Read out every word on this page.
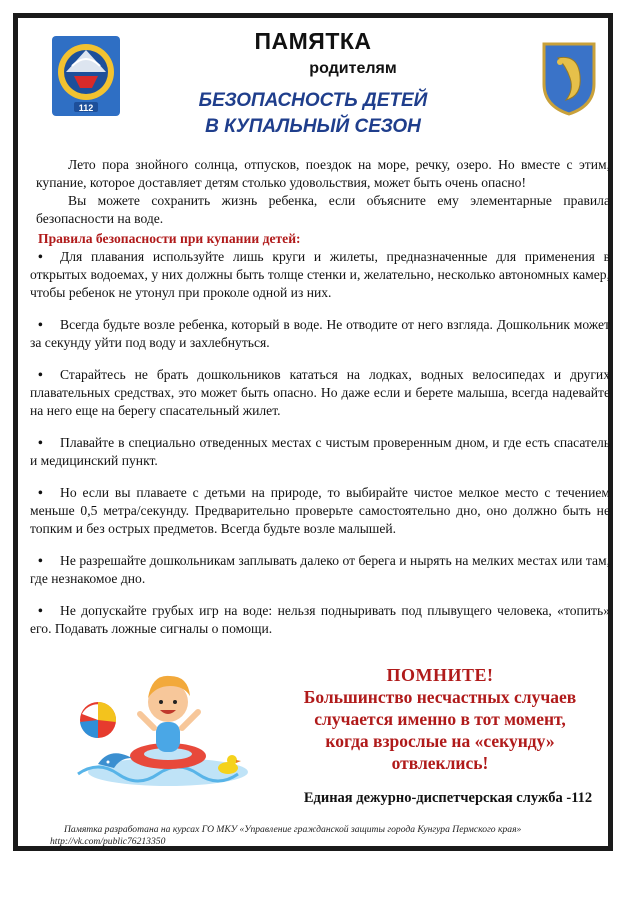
112
ПАМЯТКА
родителям
БЕЗОПАСНОСТЬ ДЕТЕЙ
В КУПАЛЬНЫЙ СЕЗОН

Лето пора знойного солнца, отпусков, поездок на море, речку, озеро. Но вместе с этим, купание, которое доставляет детям столько удовольствия, может быть очень опасно!

Вы можете сохранить жизнь ребенка, если объясните ему элементарные правила безопасности на воде.

Правила безопасности при купании детей:

• Для плавания используйте лишь круги и жилеты, предназначенные для применения в открытых водоемах, у них должны быть толще стенки и, желательно, несколько автономных камер, чтобы ребенок не утонул при проколе одной из них.

• Всегда будьте возле ребенка, который в воде. Не отводите от него взгляда. Дошкольник может за секунду уйти под воду и захлебнуться.

• Старайтесь не брать дошкольников кататься на лодках, водных велосипедах и других плавательных средствах, это может быть опасно. Но даже если и берете малыша, всегда надевайте на него еще на берегу спасательный жилет.

• Плавайте в специально отведенных местах с чистым проверенным дном, и где есть спасатель и медицинский пункт.

• Но если вы плаваете с детьми на природе, то выбирайте чистое мелкое место с течением меньше 0,5 метра/секунду. Предварительно проверьте самостоятельно дно, оно должно быть не топким и без острых предметов. Всегда будьте возле малышей.

• Не разрешайте дошкольникам заплывать далеко от берега и нырять на мелких местах или там, где незнакомое дно.

• Не допускайте грубых игр на воде: нельзя подныривать под плывущего человека, «топить» его. Подавать ложные сигналы о помощи.

ПОМНИТЕ!
Большинство несчастных случаев
случается именно в тот момент,
когда взрослые на «секунду»
отвлеклись!
Единая дежурно-диспетчерская служба -112
Памятка разработана на курсах ГО МКУ «Управление гражданской защиты города Кунгура Пермского края»
http://vk.com/public76213350
